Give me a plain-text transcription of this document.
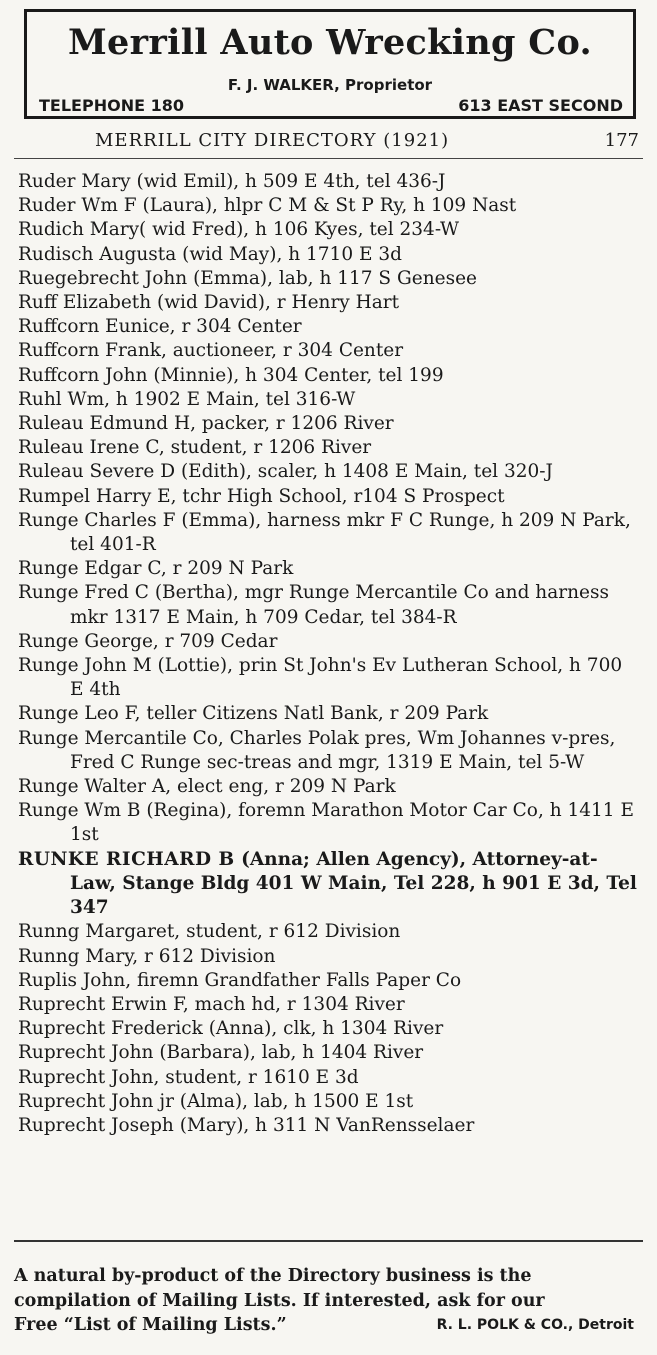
Merrill Auto Wrecking Co.
F. J. WALKER, Proprietor
TELEPHONE 180	613 EAST SECOND
MERRILL CITY DIRECTORY (1921)	177
Ruder Mary (wid Emil), h 509 E 4th, tel 436-J
Ruder Wm F (Laura), hlpr C M & St P Ry, h 109 Nast
Rudich Mary( wid Fred), h 106 Kyes, tel 234-W
Rudisch Augusta (wid May), h 1710 E 3d
Ruegebrecht John (Emma), lab, h 117 S Genesee
Ruff Elizabeth (wid David), r Henry Hart
Ruffcorn Eunice, r 304 Center
Ruffcorn Frank, auctioneer, r 304 Center
Ruffcorn John (Minnie), h 304 Center, tel 199
Ruhl Wm, h 1902 E Main, tel 316-W
Ruleau Edmund H, packer, r 1206 River
Ruleau Irene C, student, r 1206 River
Ruleau Severe D (Edith), scaler, h 1408 E Main, tel 320-J
Rumpel Harry E, tchr High School, r104 S Prospect
Runge Charles F (Emma), harness mkr F C Runge, h 209 N Park, tel 401-R
Runge Edgar C, r 209 N Park
Runge Fred C (Bertha), mgr Runge Mercantile Co and harness mkr 1317 E Main, h 709 Cedar, tel 384-R
Runge George, r 709 Cedar
Runge John M (Lottie), prin St John's Ev Lutheran School, h 700 E 4th
Runge Leo F, teller Citizens Natl Bank, r 209 Park
Runge Mercantile Co, Charles Polak pres, Wm Johannes v-pres, Fred C Runge sec-treas and mgr, 1319 E Main, tel 5-W
Runge Walter A, elect eng, r 209 N Park
Runge Wm B (Regina), foremn Marathon Motor Car Co, h 1411 E 1st
RUNKE RICHARD B (Anna; Allen Agency), Attorney-at-Law, Stange Bldg 401 W Main, Tel 228, h 901 E 3d, Tel 347
Runng Margaret, student, r 612 Division
Runng Mary, r 612 Division
Ruplis John, firemn Grandfather Falls Paper Co
Ruprecht Erwin F, mach hd, r 1304 River
Ruprecht Frederick (Anna), clk, h 1304 River
Ruprecht John (Barbara), lab, h 1404 River
Ruprecht John, student, r 1610 E 3d
Ruprecht John jr (Alma), lab, h 1500 E 1st
Ruprecht Joseph (Mary), h 311 N VanRensselaer
A natural by-product of the Directory business is the
compilation of Mailing Lists. If interested, ask for our
Free “List of Mailing Lists.”	R. L. POLK & CO., Detroit
